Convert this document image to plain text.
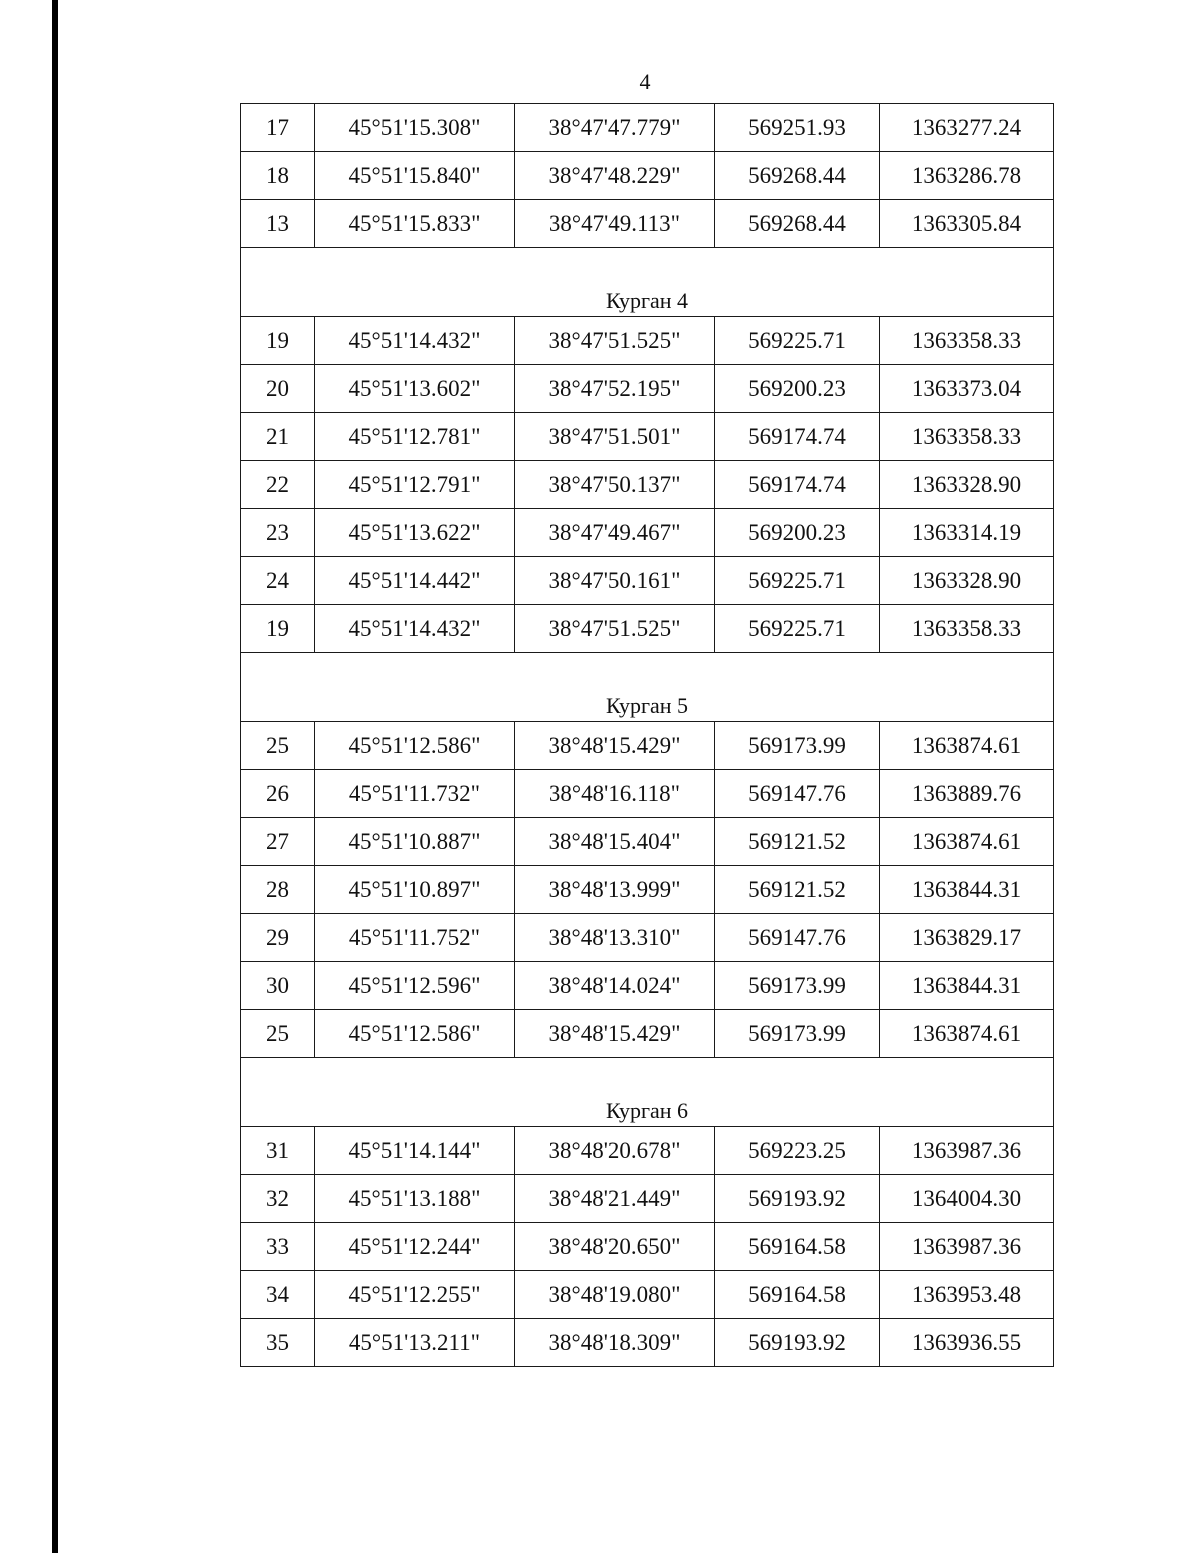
4
17	45°51'15.308"	38°47'47.779"	569251.93	1363277.24
18	45°51'15.840"	38°47'48.229"	569268.44	1363286.78
13	45°51'15.833"	38°47'49.113"	569268.44	1363305.84
Курган 4				
19	45°51'14.432"	38°47'51.525"	569225.71	1363358.33
20	45°51'13.602"	38°47'52.195"	569200.23	1363373.04
21	45°51'12.781"	38°47'51.501"	569174.74	1363358.33
22	45°51'12.791"	38°47'50.137"	569174.74	1363328.90
23	45°51'13.622"	38°47'49.467"	569200.23	1363314.19
24	45°51'14.442"	38°47'50.161"	569225.71	1363328.90
19	45°51'14.432"	38°47'51.525"	569225.71	1363358.33
Курган 5				
25	45°51'12.586"	38°48'15.429"	569173.99	1363874.61
26	45°51'11.732"	38°48'16.118"	569147.76	1363889.76
27	45°51'10.887"	38°48'15.404"	569121.52	1363874.61
28	45°51'10.897"	38°48'13.999"	569121.52	1363844.31
29	45°51'11.752"	38°48'13.310"	569147.76	1363829.17
30	45°51'12.596"	38°48'14.024"	569173.99	1363844.31
25	45°51'12.586"	38°48'15.429"	569173.99	1363874.61
Курган 6				
31	45°51'14.144"	38°48'20.678"	569223.25	1363987.36
32	45°51'13.188"	38°48'21.449"	569193.92	1364004.30
33	45°51'12.244"	38°48'20.650"	569164.58	1363987.36
34	45°51'12.255"	38°48'19.080"	569164.58	1363953.48
35	45°51'13.211"	38°48'18.309"	569193.92	1363936.55
